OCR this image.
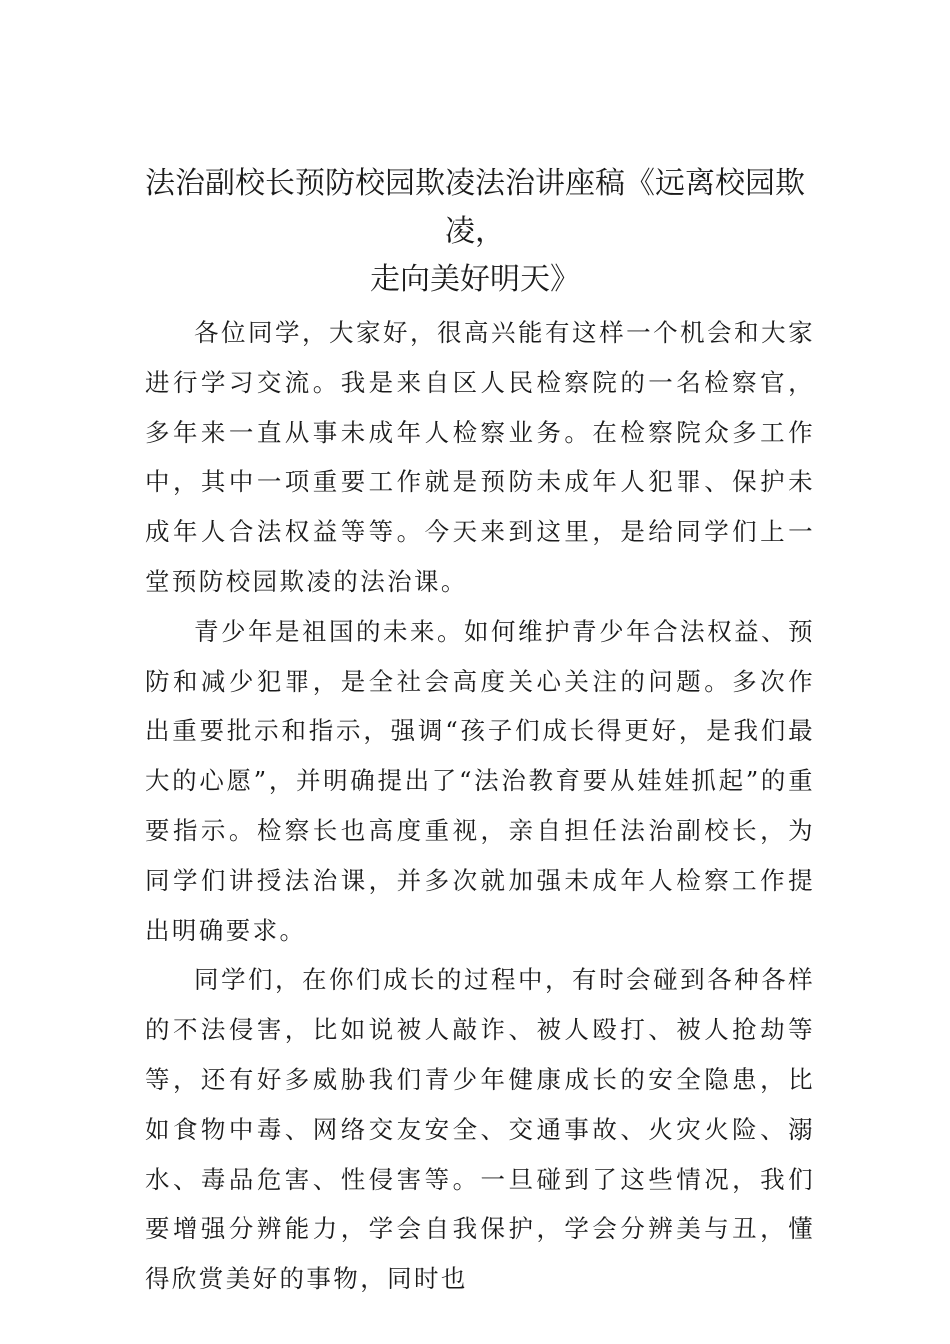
法治副校长预防校园欺凌法治讲座稿《远离校园欺凌，
走向美好明天》

各位同学，大家好，很高兴能有这样一个机会和大家进行学习交流。我是来自区人民检察院的一名检察官，多年来一直从事未成年人检察业务。在检察院众多工作中，其中一项重要工作就是预防未成年人犯罪、保护未成年人合法权益等等。今天来到这里，是给同学们上一堂预防校园欺凌的法治课。

青少年是祖国的未来。如何维护青少年合法权益、预防和减少犯罪，是全社会高度关心关注的问题。多次作出重要批示和指示，强调“孩子们成长得更好，是我们最大的心愿”，并明确提出了“法治教育要从娃娃抓起”的重要指示。检察长也高度重视，亲自担任法治副校长，为同学们讲授法治课，并多次就加强未成年人检察工作提出明确要求。

同学们，在你们成长的过程中，有时会碰到各种各样的不法侵害，比如说被人敲诈、被人殴打、被人抢劫等等，还有好多威胁我们青少年健康成长的安全隐患，比如食物中毒、网络交友安全、交通事故、火灾火险、溺水、毒品危害、性侵害等。一旦碰到了这些情况，我们要增强分辨能力，学会自我保护，学会分辨美与丑，懂得欣赏美好的事物，同时也
